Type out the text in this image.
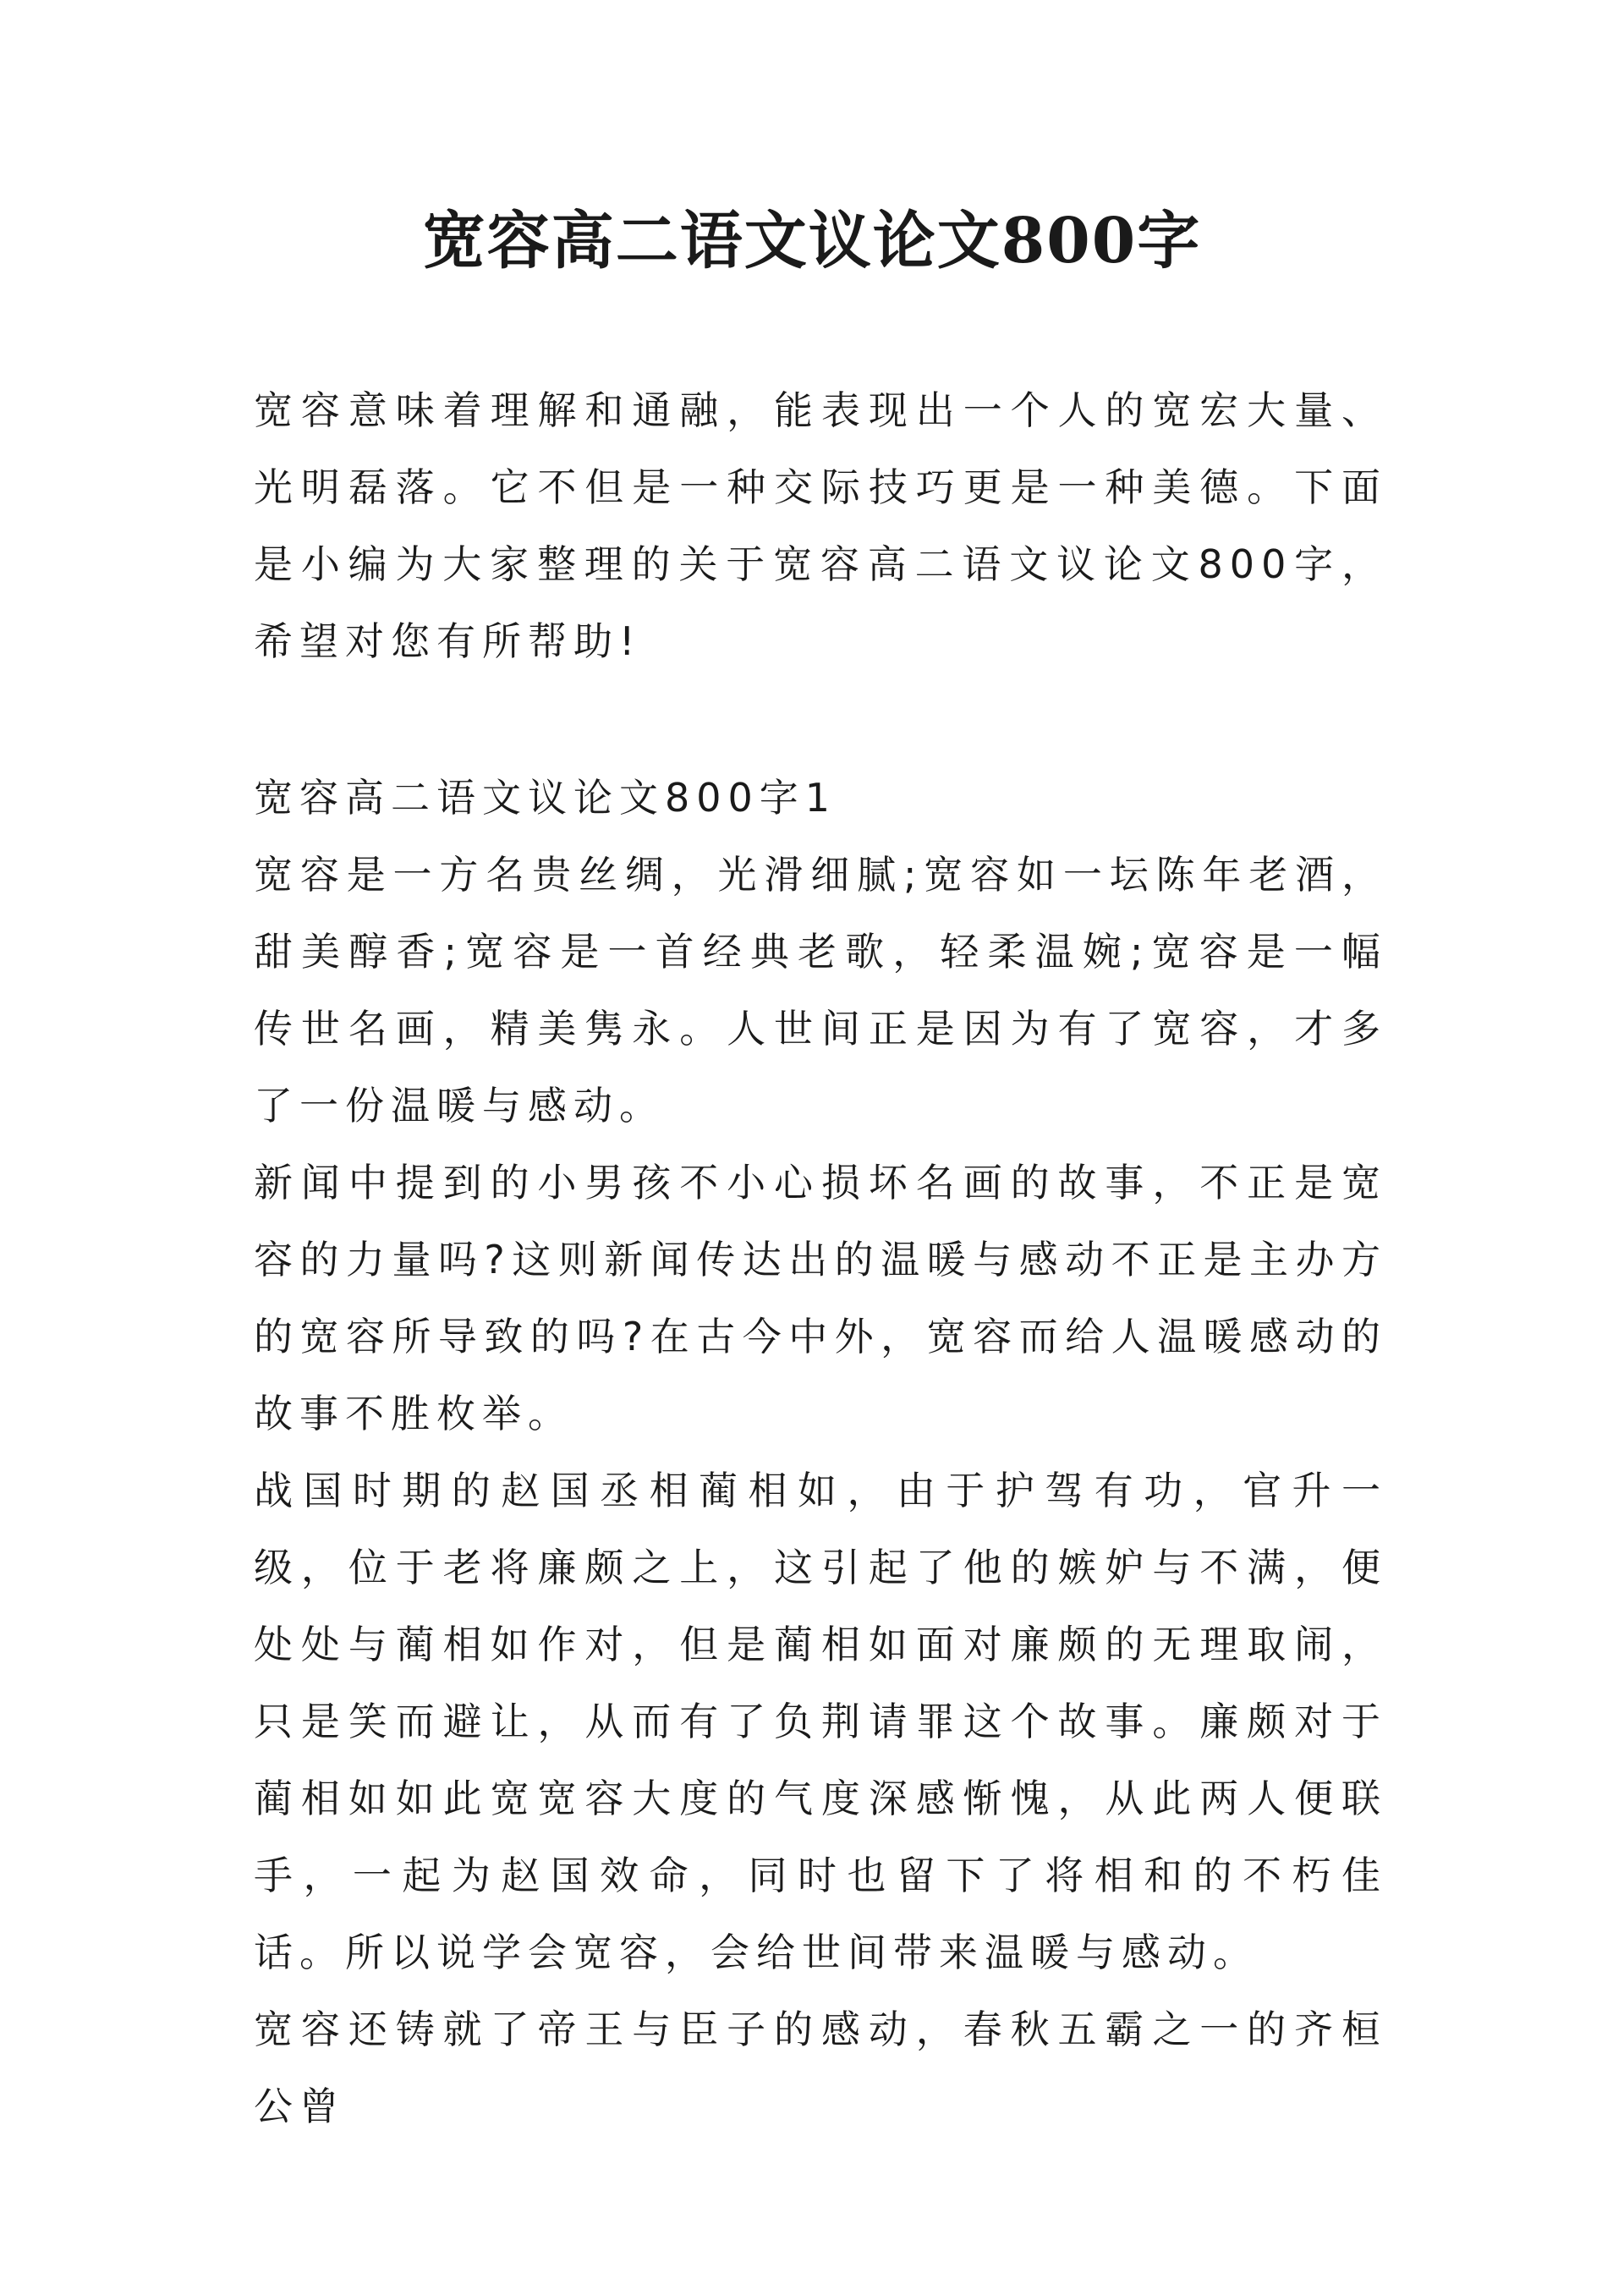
宽容高二语文议论文800字

宽容意味着理解和通融，能表现出一个人的宽宏大量、光明磊落。它不但是一种交际技巧更是一种美德。下面是小编为大家整理的关于宽容高二语文议论文800字，希望对您有所帮助!

宽容高二语文议论文800字1

宽容是一方名贵丝绸，光滑细腻;宽容如一坛陈年老酒，甜美醇香;宽容是一首经典老歌，轻柔温婉;宽容是一幅传世名画，精美隽永。人世间正是因为有了宽容，才多了一份温暖与感动。

新闻中提到的小男孩不小心损坏名画的故事，不正是宽容的力量吗?这则新闻传达出的温暖与感动不正是主办方的宽容所导致的吗?在古今中外，宽容而给人温暖感动的故事不胜枚举。

战国时期的赵国丞相蔺相如，由于护驾有功，官升一级，位于老将廉颇之上，这引起了他的嫉妒与不满，便处处与蔺相如作对，但是蔺相如面对廉颇的无理取闹，只是笑而避让，从而有了负荆请罪这个故事。廉颇对于蔺相如如此宽宽容大度的气度深感惭愧，从此两人便联手，一起为赵国效命，同时也留下了将相和的不朽佳话。所以说学会宽容，会给世间带来温暖与感动。

宽容还铸就了帝王与臣子的感动，春秋五霸之一的齐桓公曾
